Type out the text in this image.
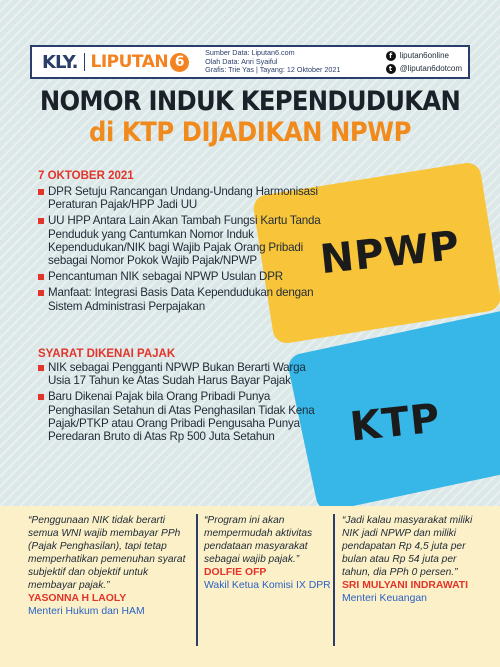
KLY. LIPUTAN 6
Sumber Data: Liputan6.com
Olah Data: Anri Syaiful
Grafis: Trie Yas | Tayang: 12 Oktober 2021
f liputan6online
t @liputan6dotcom
NOMOR INDUK KEPENDUDUKAN
di KTP DIJADIKAN NPWP
NPWP
KTP
7 OKTOBER 2021
DPR Setuju Rancangan Undang-Undang Harmonisasi Peraturan Pajak/HPP Jadi UU
UU HPP Antara Lain Akan Tambah Fungsi Kartu Tanda Penduduk yang Cantumkan Nomor Induk Kependudukan/NIK bagi Wajib Pajak Orang Pribadi sebagai Nomor Pokok Wajib Pajak/NPWP
Pencantuman NIK sebagai NPWP Usulan DPR
Manfaat: Integrasi Basis Data Kependudukan dengan Sistem Administrasi Perpajakan
SYARAT DIKENAI PAJAK
NIK sebagai Pengganti NPWP Bukan Berarti Warga Usia 17 Tahun ke Atas Sudah Harus Bayar Pajak
Baru Dikenai Pajak bila Orang Pribadi Punya Penghasilan Setahun di Atas Penghasilan Tidak Kena Pajak/PTKP atau Orang Pribadi Pengusaha Punya Peredaran Bruto di Atas Rp 500 Juta Setahun
“Penggunaan NIK tidak berarti semua WNI wajib membayar PPh (Pajak Penghasilan), tapi tetap memperhatikan pemenuhan syarat subjektif dan objektif untuk membayar pajak.”
YASONNA H LAOLY
Menteri Hukum dan HAM
“Program ini akan mempermudah aktivitas pendataan masyarakat sebagai wajib pajak.”
DOLFIE OFP
Wakil Ketua Komisi IX DPR
“Jadi kalau masyarakat miliki NIK jadi NPWP dan miliki pendapatan Rp 4,5 juta per bulan atau Rp 54 juta per tahun, dia PPh 0 persen.”
SRI MULYANI INDRAWATI
Menteri Keuangan
